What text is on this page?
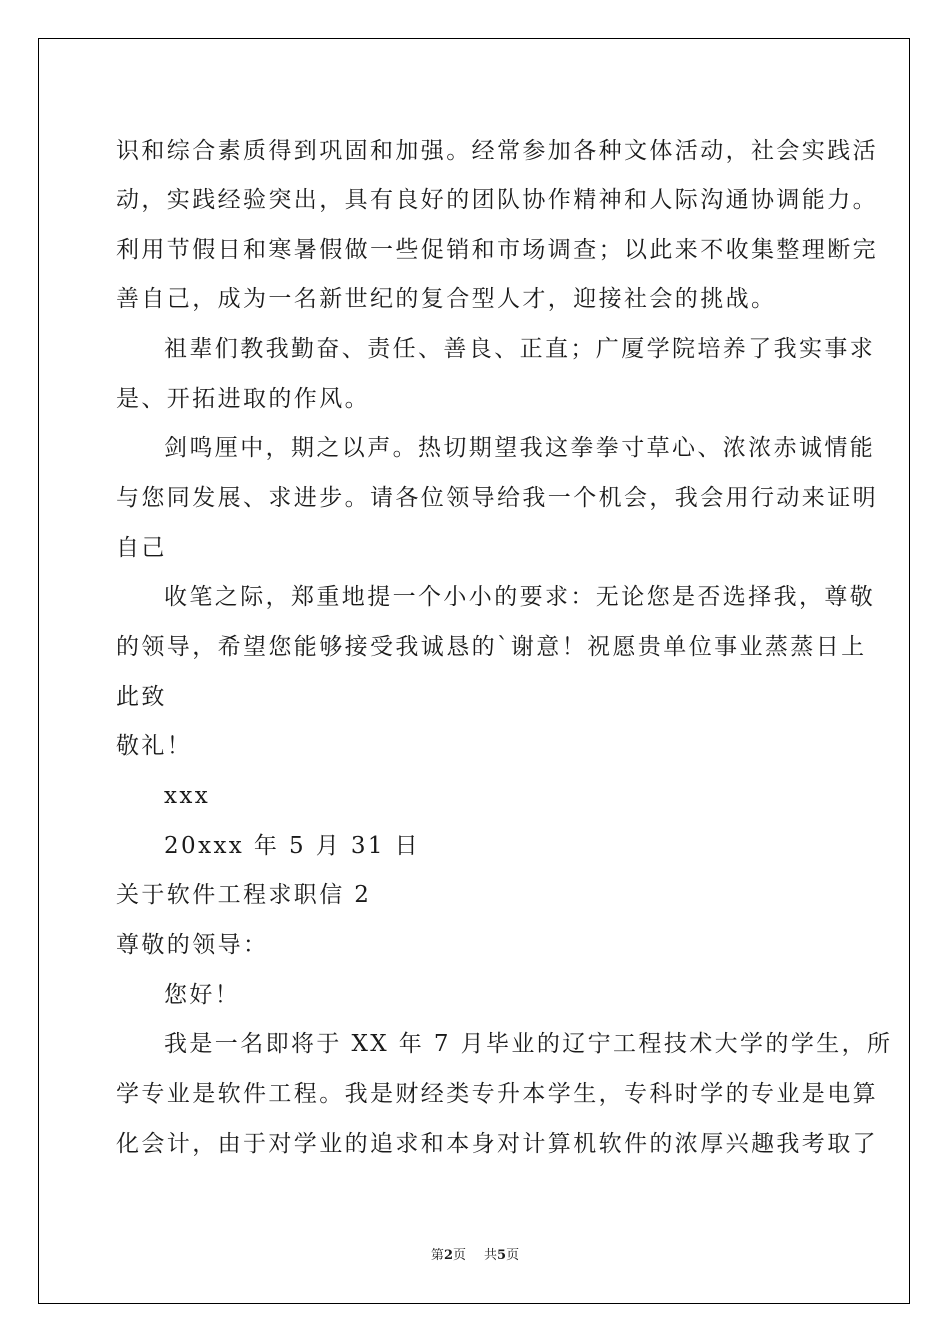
识和综合素质得到巩固和加强。经常参加各种文体活动，社会实践活
动，实践经验突出，具有良好的团队协作精神和人际沟通协调能力。
利用节假日和寒暑假做一些促销和市场调查；以此来不收集整理断完
善自己，成为一名新世纪的复合型人才，迎接社会的挑战。
祖辈们教我勤奋、责任、善良、正直；广厦学院培养了我实事求
是、开拓进取的作风。
剑鸣厘中，期之以声。热切期望我这拳拳寸草心、浓浓赤诚情能
与您同发展、求进步。请各位领导给我一个机会，我会用行动来证明
自己
收笔之际，郑重地提一个小小的要求：无论您是否选择我，尊敬
的领导，希望您能够接受我诚恳的`谢意！祝愿贵单位事业蒸蒸日上
此致
敬礼！
xxx
20xxx 年 5 月 31 日
关于软件工程求职信 2
尊敬的领导：
您好！
我是一名即将于 XX 年 7 月毕业的辽宁工程技术大学的学生，所
学专业是软件工程。我是财经类专升本学生，专科时学的专业是电算
化会计，由于对学业的追求和本身对计算机软件的浓厚兴趣我考取了
第2页 共5页
